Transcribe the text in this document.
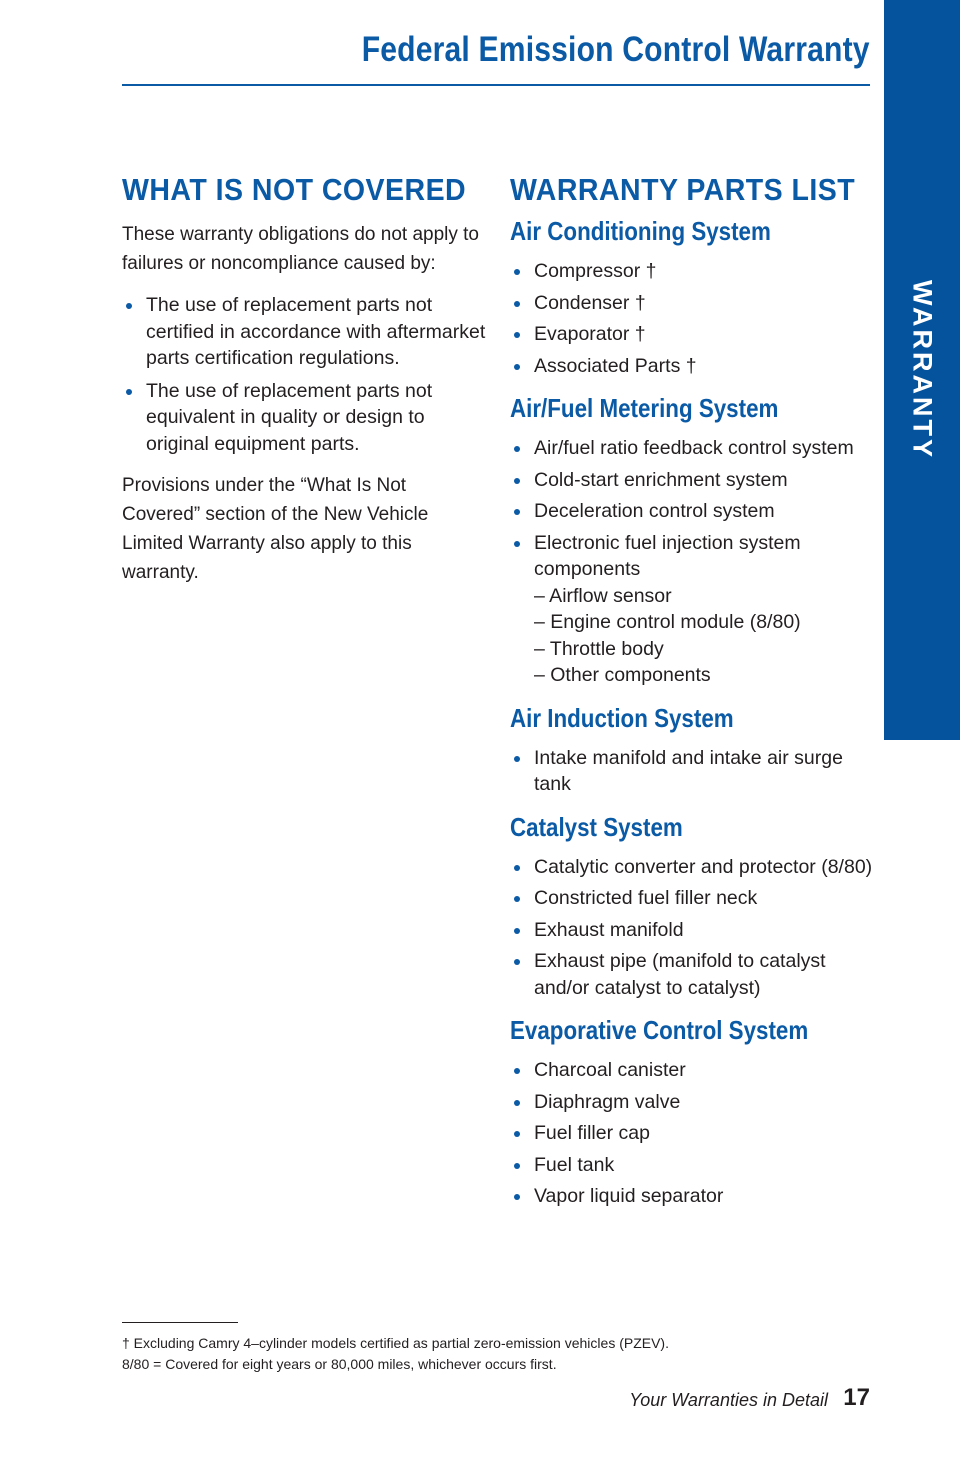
Federal Emission Control Warranty
WARRANTY
WHAT IS NOT COVERED

These warranty obligations do not apply to failures or noncompliance caused by:

The use of replacement parts not certified in accordance with aftermarket parts certification regulations.
The use of replacement parts not equivalent in quality or design to original equipment parts.

Provisions under the “What Is Not Covered” section of the New Vehicle Limited Warranty also apply to this warranty.

WARRANTY PARTS LIST
Air Conditioning System
Compressor †
Condenser †
Evaporator †
Associated Parts †
Air/Fuel Metering System
Air/fuel ratio feedback control system
Cold-start enrichment system
Deceleration control system
Electronic fuel injection system components
– Airflow sensor
– Engine control module (8/80)
– Throttle body
– Other components
Air Induction System
Intake manifold and intake air surge tank
Catalyst System
Catalytic converter and protector (8/80)
Constricted fuel filler neck
Exhaust manifold
Exhaust pipe (manifold to catalyst and/or catalyst to catalyst)
Evaporative Control System
Charcoal canister
Diaphragm valve
Fuel filler cap
Fuel tank
Vapor liquid separator
† Excluding Camry 4–cylinder models certified as partial zero-emission vehicles (PZEV).
8/80 = Covered for eight years or 80,000 miles, whichever occurs first.
Your Warranties in Detail 17
